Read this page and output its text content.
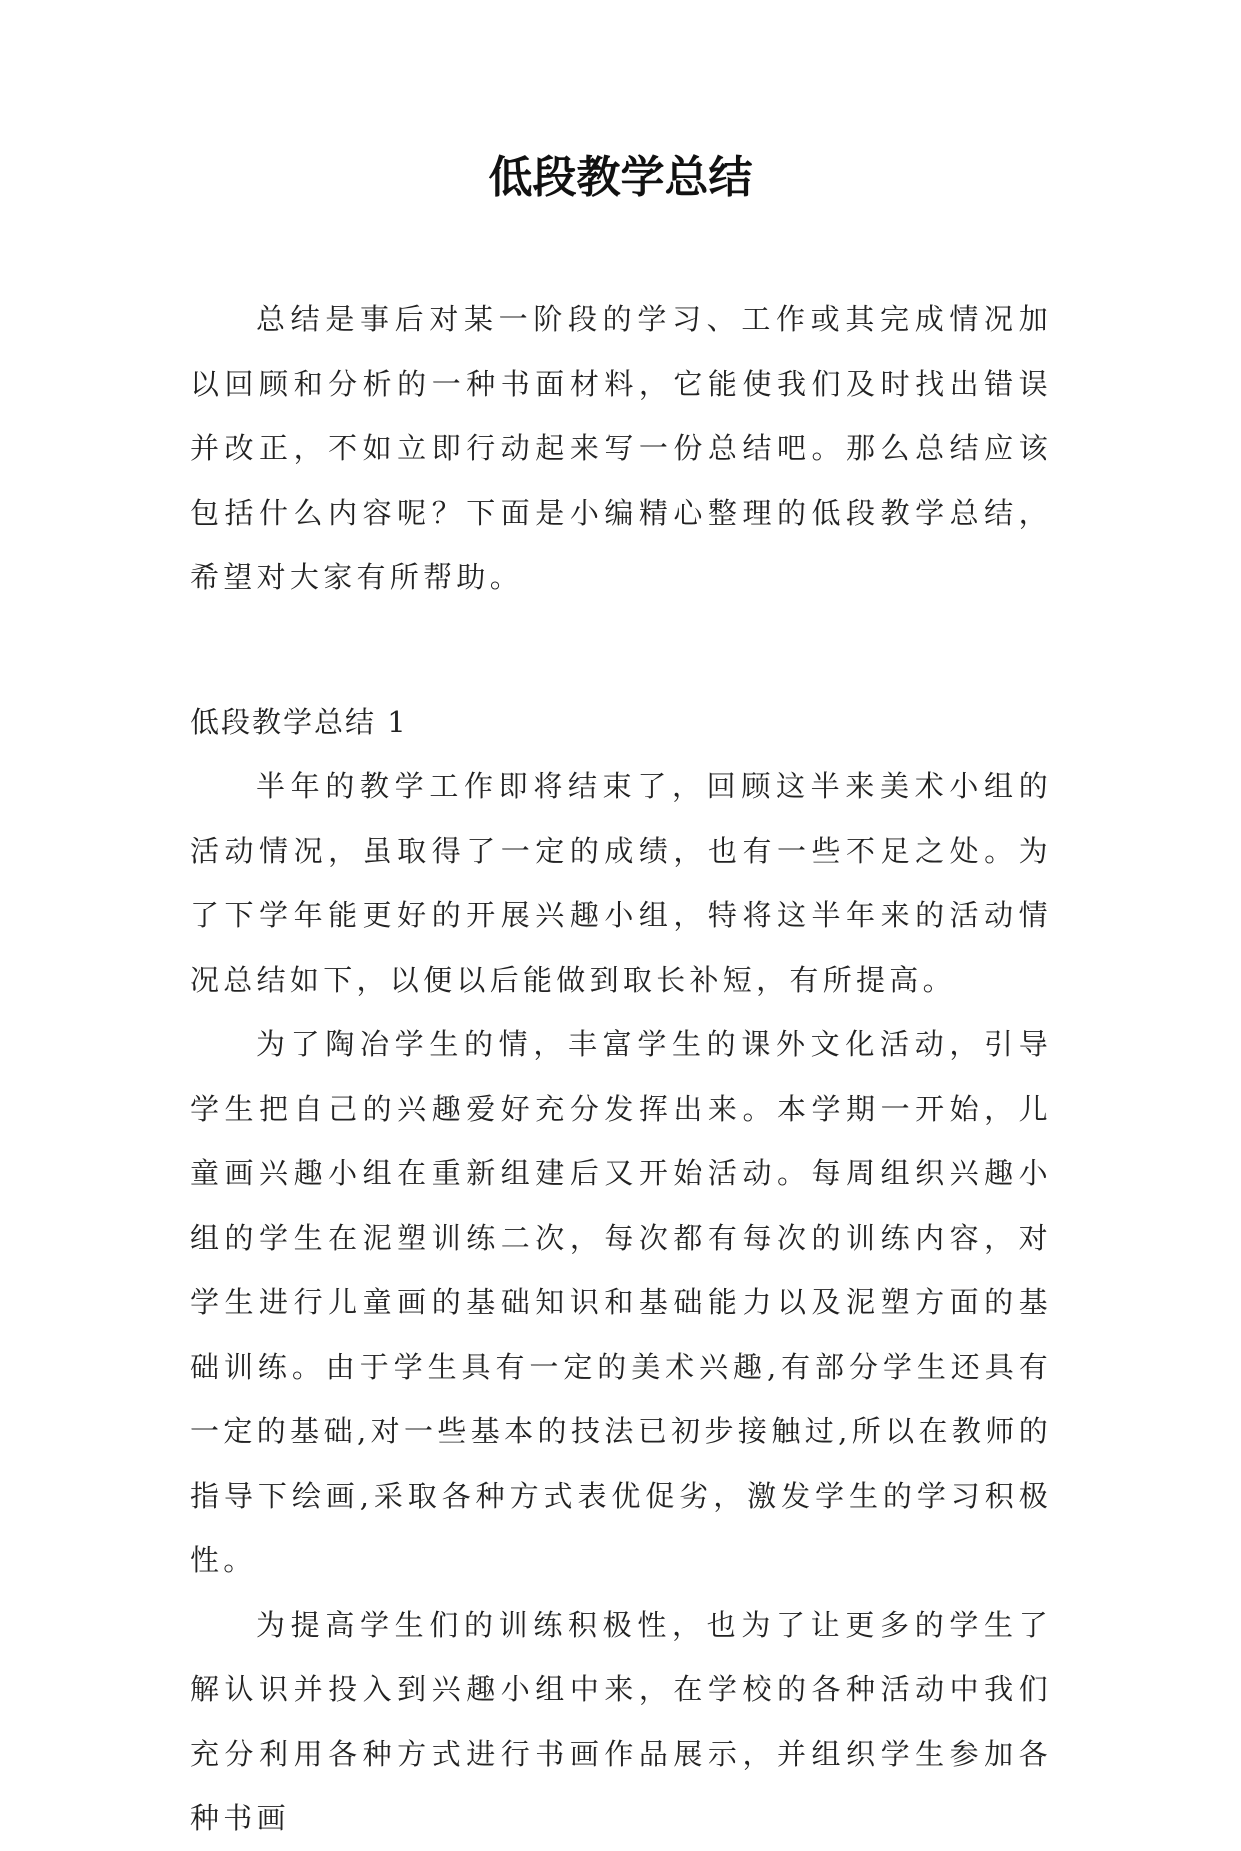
低段教学总结

总结是事后对某一阶段的学习、工作或其完成情况加以回顾和分析的一种书面材料，它能使我们及时找出错误并改正，不如立即行动起来写一份总结吧。那么总结应该包括什么内容呢？下面是小编精心整理的低段教学总结，希望对大家有所帮助。

低段教学总结 1

半年的教学工作即将结束了，回顾这半来美术小组的活动情况，虽取得了一定的成绩，也有一些不足之处。为了下学年能更好的开展兴趣小组，特将这半年来的活动情况总结如下，以便以后能做到取长补短，有所提高。

为了陶冶学生的情，丰富学生的课外文化活动，引导学生把自己的兴趣爱好充分发挥出来。本学期一开始，儿童画兴趣小组在重新组建后又开始活动。每周组织兴趣小组的学生在泥塑训练二次，每次都有每次的训练内容，对学生进行儿童画的基础知识和基础能力以及泥塑方面的基础训练。由于学生具有一定的美术兴趣,有部分学生还具有一定的基础,对一些基本的技法已初步接触过,所以在教师的指导下绘画,采取各种方式表优促劣，激发学生的学习积极性。

为提高学生们的训练积极性，也为了让更多的学生了解认识并投入到兴趣小组中来，在学校的各种活动中我们充分利用各种方式进行书画作品展示，并组织学生参加各种书画
